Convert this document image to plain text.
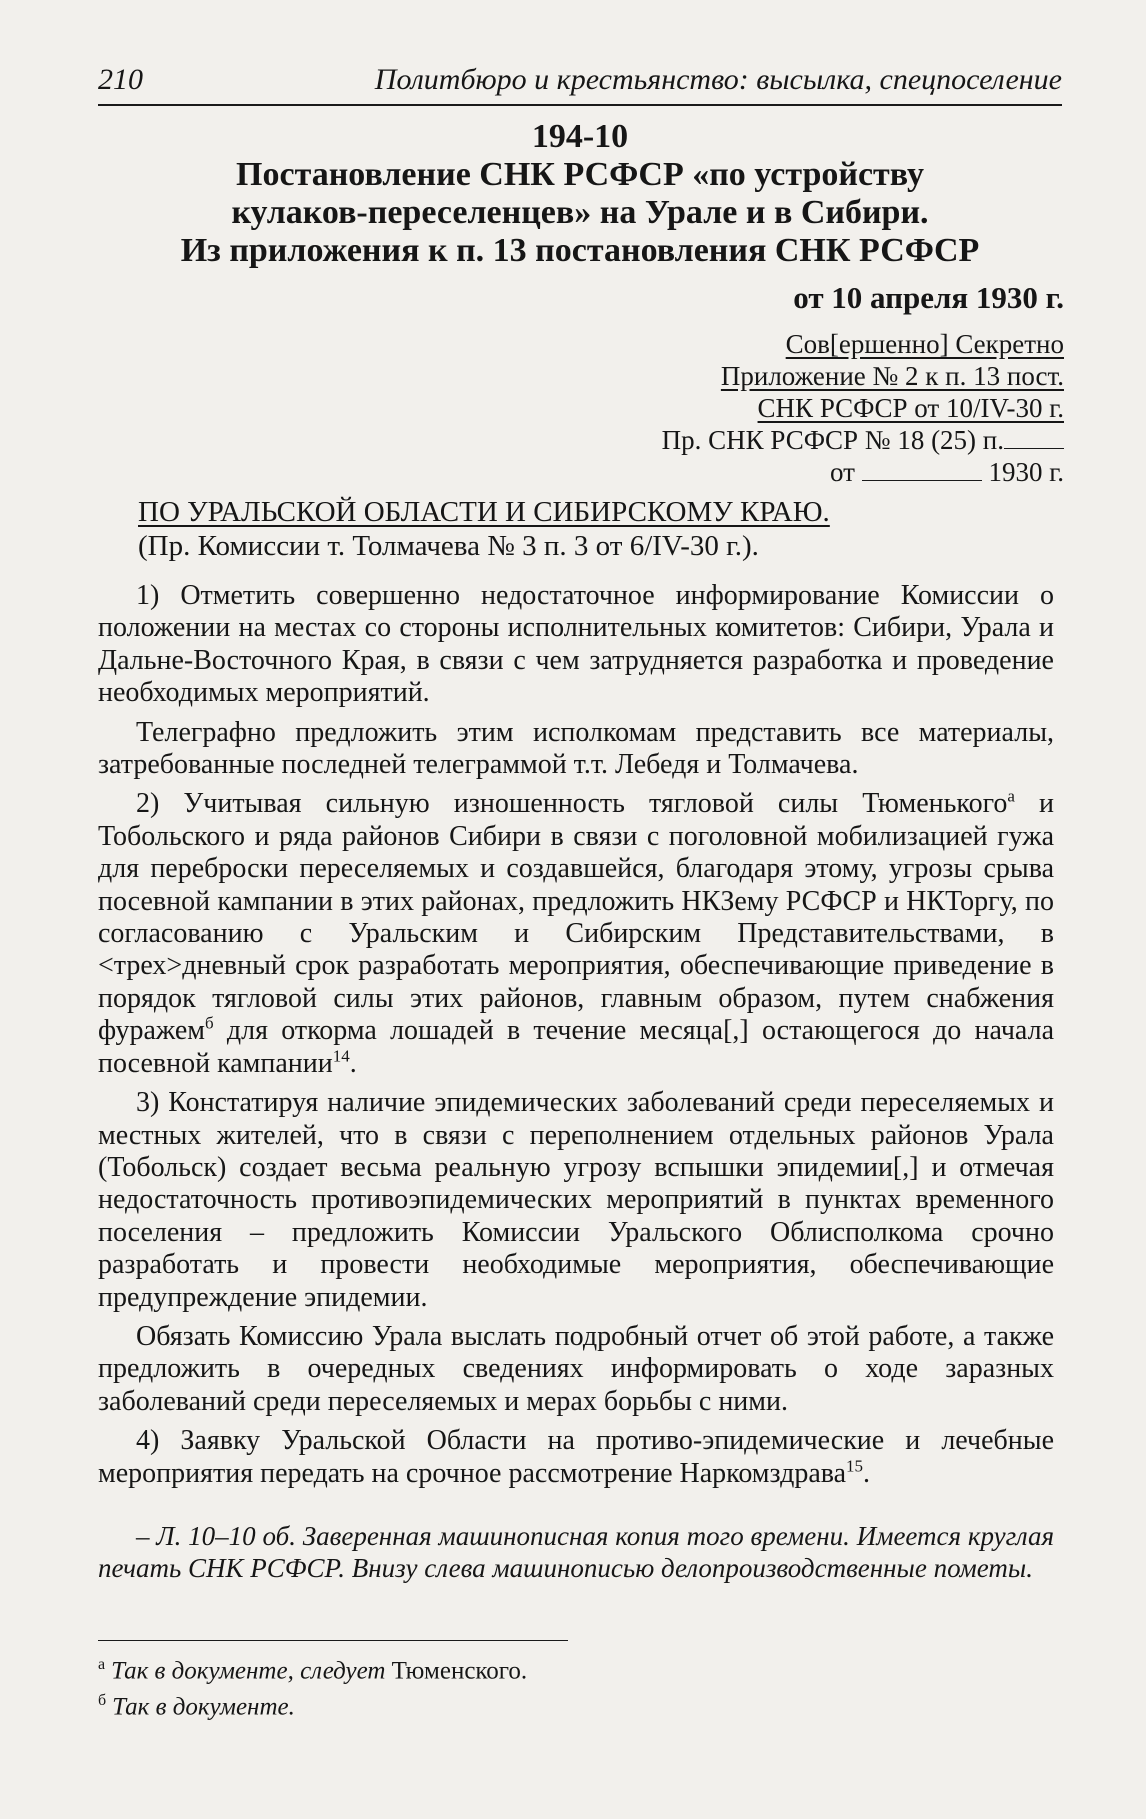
210	Политбюро и крестьянство: высылка, спецпоселение
194-10
Постановление СНК РСФСР «по устройству
кулаков-переселенцев» на Урале и в Сибири.
Из приложения к п. 13 постановления СНК РСФСР
от 10 апреля 1930 г.
Сов[ершенно] Секретно
Приложение № 2 к п. 13 пост.
СНК РСФСР от 10/IV-30 г.
Пр. СНК РСФСР № 18 (25) п.
от	1930 г.
ПО УРАЛЬСКОЙ ОБЛАСТИ И СИБИРСКОМУ КРАЮ.
(Пр. Комиссии т. Толмачева № 3 п. 3 от 6/IV-30 г.).

1) Отметить совершенно недостаточное информирование Комиссии о положении на местах со стороны исполнительных комитетов: Сибири, Урала и Дальне-Восточного Края, в связи с чем затрудняется разработка и проведение необходимых мероприятий.

Телеграфно предложить этим исполкомам представить все материалы, затребованные последней телеграммой т.т. Лебедя и Толмачева.

2) Учитывая сильную изношенность тягловой силы Тюменького$^а$ и Тобольского и ряда районов Сибири в связи с поголовной мобилизацией гужа для переброски переселяемых и создавшейся, благодаря этому, угрозы срыва посевной кампании в этих районах, предложить НКЗему РСФСР и НКТоргу, по согласованию с Уральским и Сибирским Представительствами, в <трех>дневный срок разработать мероприятия, обеспечивающие приведение в порядок тягловой силы этих районов, главным образом, путем снабжения фуражем$^б$ для откорма лошадей в течение месяца[,] остающегося до начала посевной кампании$^{14}$.

3) Констатируя наличие эпидемических заболеваний среди переселяемых и местных жителей, что в связи с переполнением отдельных районов Урала (Тобольск) создает весьма реальную угрозу вспышки эпидемии[,] и отмечая недостаточность противоэпидемических мероприятий в пунктах временного поселения – предложить Комиссии Уральского Облисполкома срочно разработать и провести необходимые мероприятия, обеспечивающие предупреждение эпидемии.

Обязать Комиссию Урала выслать подробный отчет об этой работе, а также предложить в очередных сведениях информировать о ходе заразных заболеваний среди переселяемых и мерах борьбы с ними.

4) Заявку Уральской Области на противо-эпидемические и лечебные мероприятия передать на срочное рассмотрение Наркомздрава$^{15}$.

– Л. 10–10 об. Заверенная машинописная копия того времени. Имеется круглая печать СНК РСФСР. Внизу слева машинописью делопроизводственные пометы.

$^а$ Так в документе, следует Тюменского.
$^б$ Так в документе.
